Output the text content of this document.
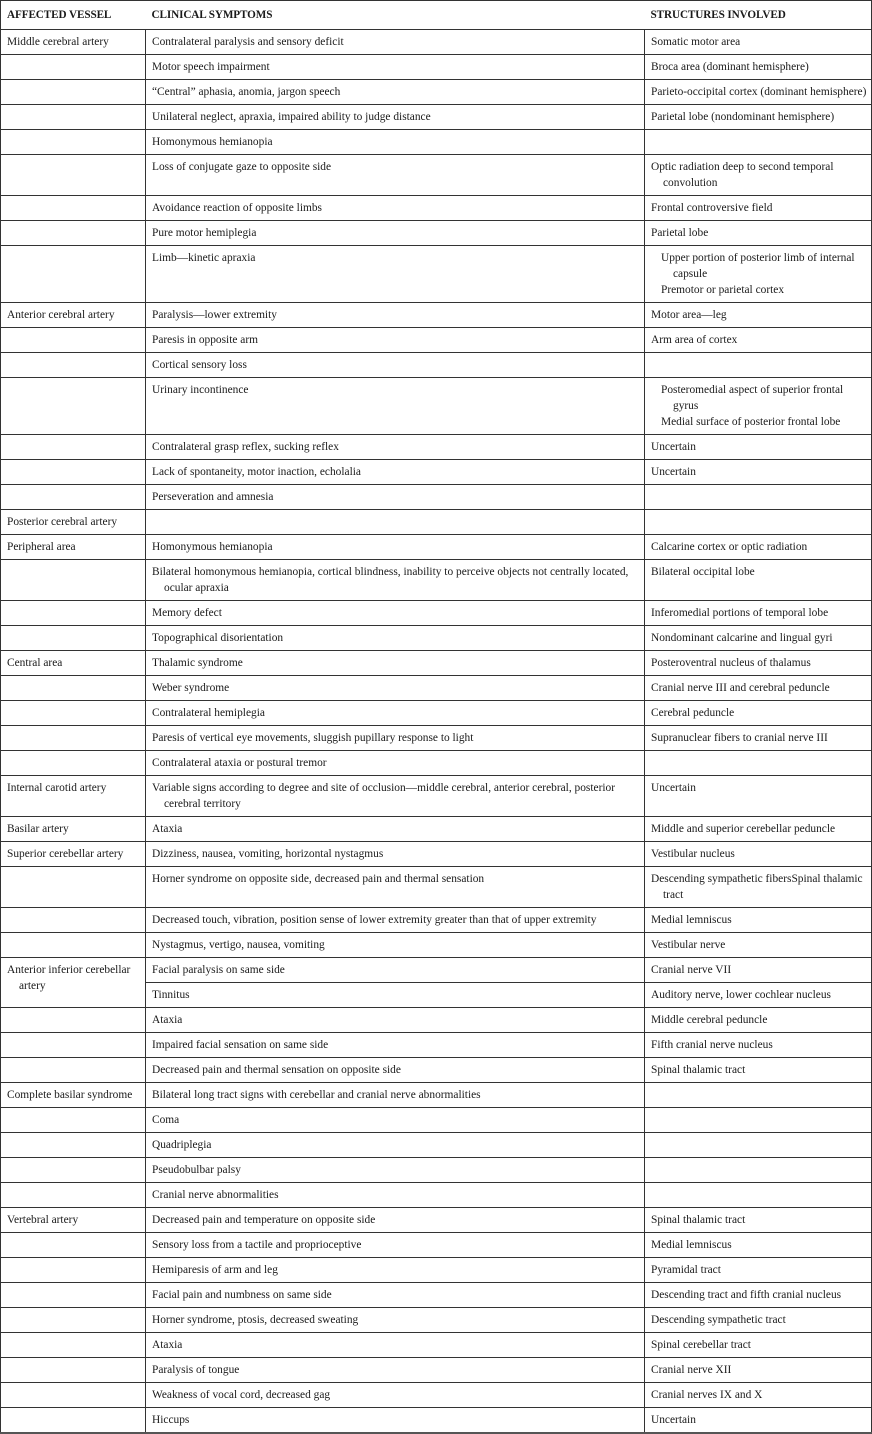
AFFECTED VESSEL	CLINICAL SYMPTOMS	STRUCTURES INVOLVED

Middle cerebral artery	Contralateral paralysis and sensory deficit	Somatic motor area

	Motor speech impairment	Broca area (dominant hemisphere)

	“Central” aphasia, anomia, jargon speech	Parieto-occipital cortex (dominant hemisphere)

	Unilateral neglect, apraxia, impaired ability to judge distance	Parietal lobe (nondominant hemisphere)

	Homonymous hemianopia	

	Loss of conjugate gaze to opposite side	Optic radiation deep to second temporal convolution

	Avoidance reaction of opposite limbs	Frontal controversive field

	Pure motor hemiplegia	Parietal lobe

	Limb—kinetic apraxia	Upper portion of posterior limb of internal capsule
Premotor or parietal cortex

Anterior cerebral artery	Paralysis—lower extremity	Motor area—leg

	Paresis in opposite arm	Arm area of cortex

	Cortical sensory loss	

	Urinary incontinence	Posteromedial aspect of superior frontal gyrus
Medial surface of posterior frontal lobe

	Contralateral grasp reflex, sucking reflex	Uncertain

	Lack of spontaneity, motor inaction, echolalia	Uncertain

	Perseveration and amnesia	

Posterior cerebral artery		

Peripheral area	Homonymous hemianopia	Calcarine cortex or optic radiation

	Bilateral homonymous hemianopia, cortical blindness, inability to perceive objects not centrally located, ocular apraxia	Bilateral occipital lobe

	Memory defect	Inferomedial portions of temporal lobe

	Topographical disorientation	Nondominant calcarine and lingual gyri

Central area	Thalamic syndrome	Posteroventral nucleus of thalamus

	Weber syndrome	Cranial nerve III and cerebral peduncle

	Contralateral hemiplegia	Cerebral peduncle

	Paresis of vertical eye movements, sluggish pupillary response to light	Supranuclear fibers to cranial nerve III

	Contralateral ataxia or postural tremor	

Internal carotid artery	Variable signs according to degree and site of occlusion—middle cerebral, anterior cerebral, posterior cerebral territory	Uncertain

Basilar artery	Ataxia	Middle and superior cerebellar peduncle

Superior cerebellar artery	Dizziness, nausea, vomiting, horizontal nystagmus	Vestibular nucleus

	Horner syndrome on opposite side, decreased pain and thermal sensation	Descending sympathetic fibersSpinal thalamic tract

	Decreased touch, vibration, position sense of lower extremity greater than that of upper extremity	Medial lemniscus

	Nystagmus, vertigo, nausea, vomiting	Vestibular nerve

Anterior inferior cerebellar artery	Facial paralysis on same side	Cranial nerve VII

	Tinnitus	Auditory nerve, lower cochlear nucleus

	Ataxia	Middle cerebral peduncle

	Impaired facial sensation on same side	Fifth cranial nerve nucleus

	Decreased pain and thermal sensation on opposite side	Spinal thalamic tract

Complete basilar syndrome	Bilateral long tract signs with cerebellar and cranial nerve abnormalities	

	Coma	

	Quadriplegia	

	Pseudobulbar palsy	

	Cranial nerve abnormalities	

Vertebral artery	Decreased pain and temperature on opposite side	Spinal thalamic tract

	Sensory loss from a tactile and proprioceptive	Medial lemniscus

	Hemiparesis of arm and leg	Pyramidal tract

	Facial pain and numbness on same side	Descending tract and fifth cranial nucleus

	Horner syndrome, ptosis, decreased sweating	Descending sympathetic tract

	Ataxia	Spinal cerebellar tract

	Paralysis of tongue	Cranial nerve XII

	Weakness of vocal cord, decreased gag	Cranial nerves IX and X

	Hiccups	Uncertain
